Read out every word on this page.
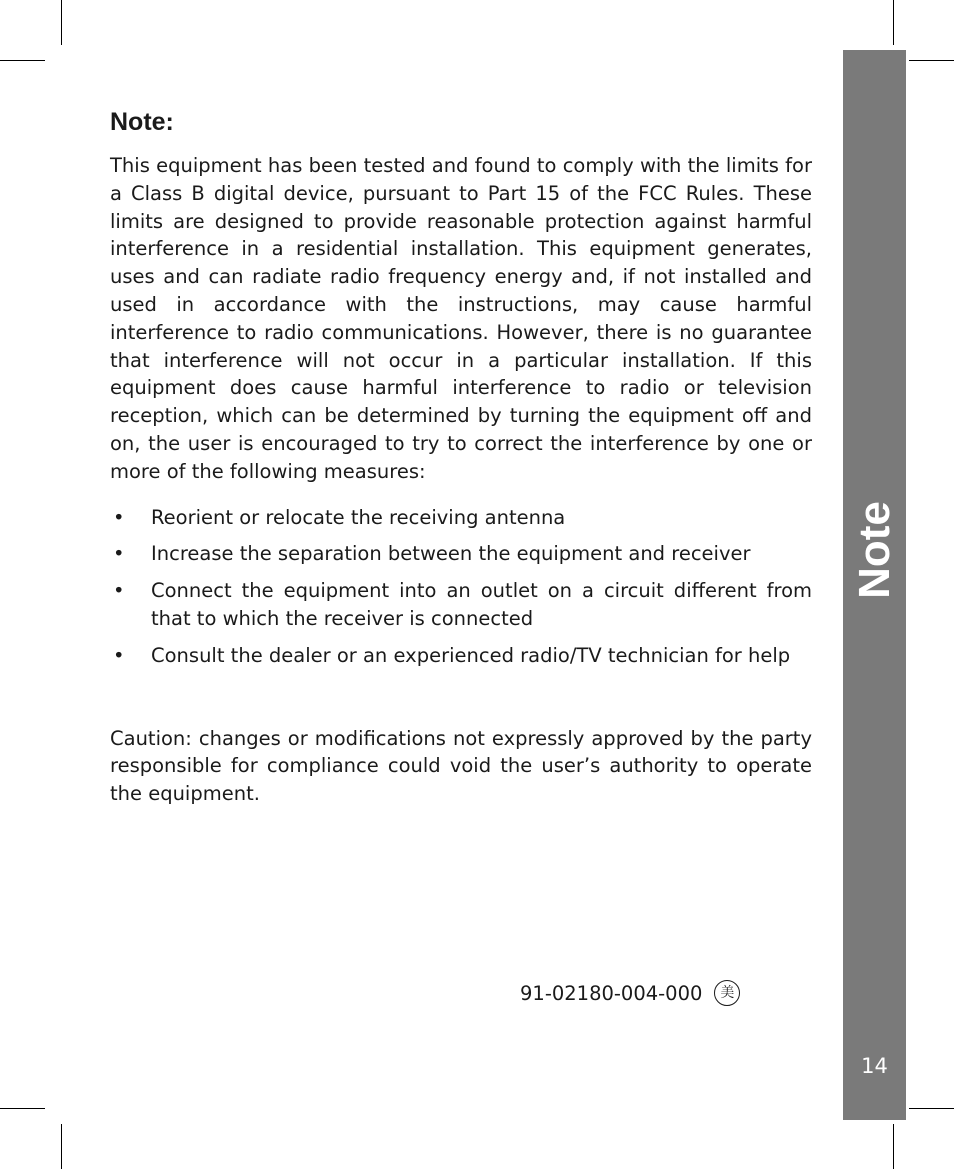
Note:

This equipment has been tested and found to comply with the limits for a Class B digital device, pursuant to Part 15 of the FCC Rules. These limits are designed to provide reasonable protection against harmful interference in a residential installation. This equipment generates, uses and can radiate radio frequency energy and, if not installed and used in accordance with the instructions, may cause harmful interference to radio communications. However, there is no guarantee that interference will not occur in a particular installation. If this equipment does cause harmful interference to radio or television reception, which can be determined by turning the equipment off and on, the user is encouraged to try to correct the interference by one or more of the following measures:

• Reorient or relocate the receiving antenna
• Increase the separation between the equipment and receiver
• Connect the equipment into an outlet on a circuit different from that to which the receiver is connected
• Consult the dealer or an experienced radio/TV technician for help

Caution: changes or modifications not expressly approved by the party responsible for compliance could void the user’s authority to operate the equipment.

91-02180-004-000	美
Note
14
